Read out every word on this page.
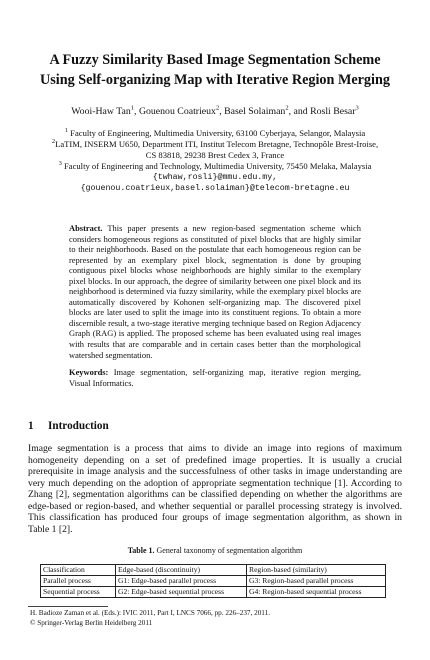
A Fuzzy Similarity Based Image Segmentation Scheme
Using Self-organizing Map with Iterative Region Merging
Wooi-Haw Tan$^1$, Gouenou Coatrieux$^2$, Basel Solaiman$^2$, and Rosli Besar$^3$
$^1$ Faculty of Engineering, Multimedia University, 63100 Cyberjaya, Selangor, Malaysia
$^2$LaTIM, INSERM U650, Department ITI, Institut Telecom Bretagne, Technopôle Brest-Iroise,
CS 83818, 29238 Brest Cedex 3, France
$^3$ Faculty of Engineering and Technology, Multimedia University, 75450 Melaka, Malaysia
{twhaw,rosli}@mmu.edu.my,
{gouenou.coatrieux,basel.solaiman}@telecom-bretagne.eu

Abstract. This paper presents a new region-based segmentation scheme which considers homogeneous regions as constituted of pixel blocks that are highly similar to their neighborhoods. Based on the postulate that each homogeneous region can be represented by an exemplary pixel block, segmentation is done by grouping contiguous pixel blocks whose neighborhoods are highly similar to the exemplary pixel blocks. In our approach, the degree of similarity between one pixel block and its neighborhood is determined via fuzzy similarity, while the exemplary pixel blocks are automatically discovered by Kohonen self-organizing map. The discovered pixel blocks are later used to split the image into its constituent regions. To obtain a more discernible result, a two-stage iterative merging technique based on Region Adjacency Graph (RAG) is applied. The proposed scheme has been evaluated using real images with results that are comparable and in certain cases better than the morphological watershed segmentation.

Keywords: Image segmentation, self-organizing map, iterative region merging, Visual Informatics.

1 Introduction

Image segmentation is a process that aims to divide an image into regions of maximum homogeneity depending on a set of predefined image properties. It is usually a crucial prerequisite in image analysis and the successfulness of other tasks in image understanding are very much depending on the adoption of appropriate segmentation technique [1]. According to Zhang [2], segmentation algorithms can be classified depending on whether the algorithms are edge-based or region-based, and whether sequential or parallel processing strategy is involved. This classification has produced four groups of image segmentation algorithm, as shown in Table 1 [2].

Table 1. General taxonomy of segmentation algorithm
Classification	Edge-based (discontinuity)	Region-based (similarity)
Parallel process	G1: Edge-based parallel process	G3: Region-based parallel process
Sequential process	G2: Edge-based sequential process	G4: Region-based sequential process
H. Badioze Zaman et al. (Eds.): IVIC 2011, Part I, LNCS 7066, pp. 226–237, 2011.
© Springer-Verlag Berlin Heidelberg 2011
